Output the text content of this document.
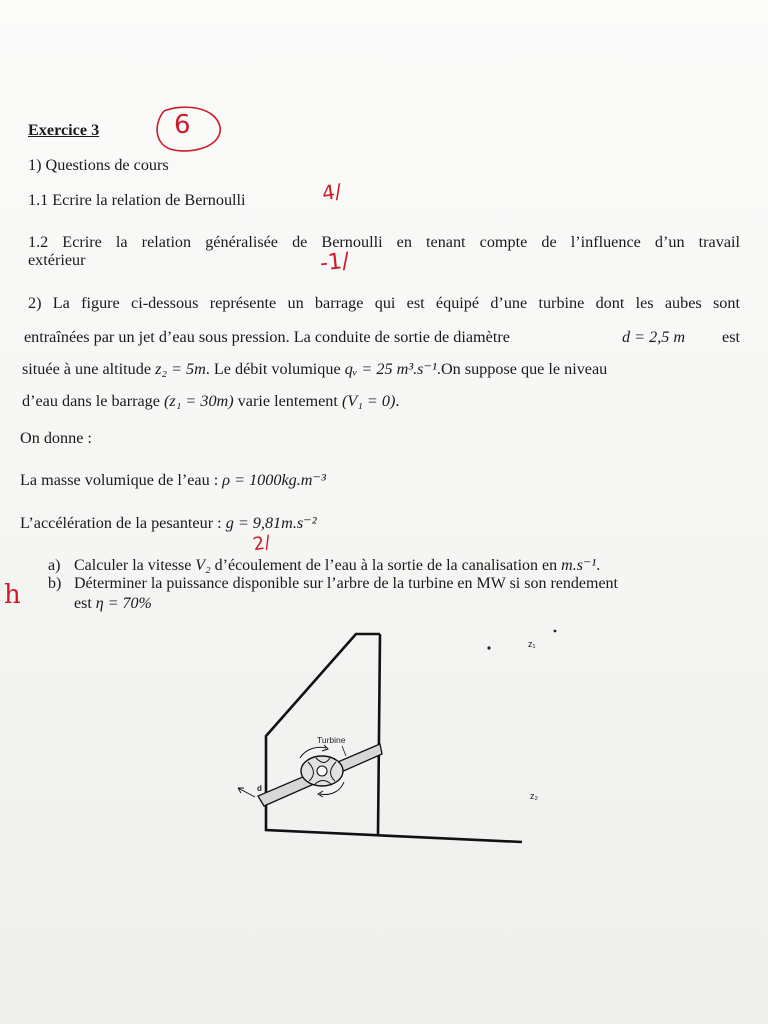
Exercice 3	6
1) Questions de cours
1.1 Ecrire la relation de Bernoulli	4/
1.2 Ecrire la relation généralisée de Bernoulli en tenant compte de l’influence d’un travail
extérieur	-1/
2) La figure ci-dessous représente un barrage qui est équipé d’une turbine dont les aubes sont
entraînées par un jet d’eau sous pression. La conduite de sortie de diamètre	d = 2,5 m est
située à une altitude z₂ = 5m. Le débit volumique qᵥ = 25 m³.s⁻¹.On suppose que le niveau
d’eau dans le barrage (z₁ = 30m) varie lentement (V₁ = 0).
On donne :
La masse volumique de l’eau : ρ = 1000kg.m⁻³
L’accélération de la pesanteur : g = 9,81m.s⁻²
a) Calculer la vitesse V₂ d’écoulement de l’eau à la sortie de la canalisation en m.s⁻¹.
2/
b) Déterminer la puissance disponible sur l’arbre de la turbine en MW si son rendement
est η = 70%
h
Turbine
z₁
z₂
d
